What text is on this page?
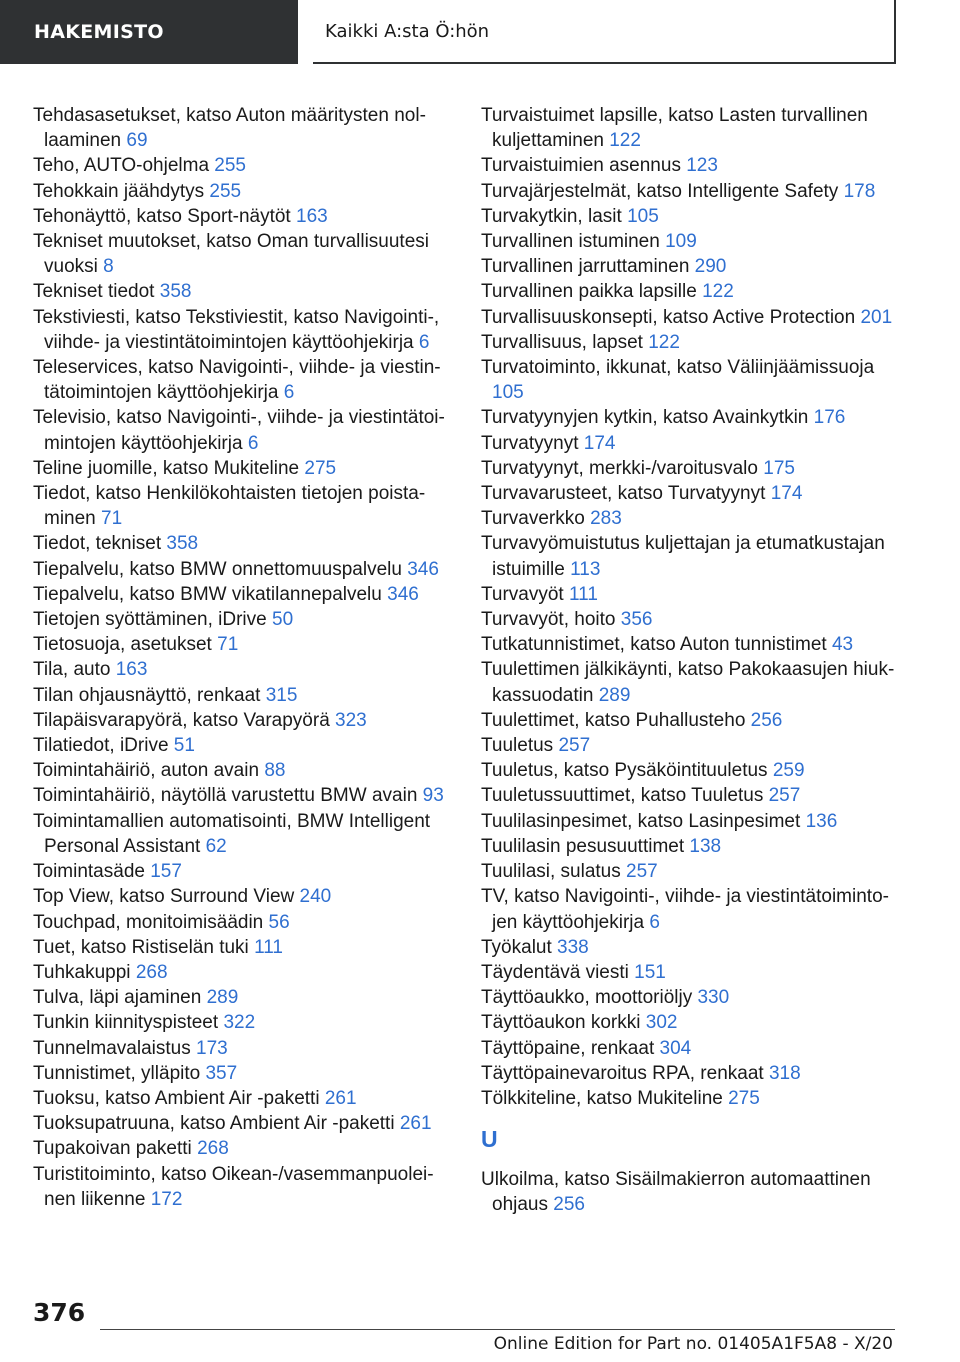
HAKEMISTO	Kaikki A:sta Ö:hön
Tehdasasetukset, katso Auton määritysten nollaaminen 69
Teho, AUTO-ohjelma 255
Tehokkain jäähdytys 255
Tehonäyttö, katso Sport-näytöt 163
Tekniset muutokset, katso Oman turvallisuutesi vuoksi 8
Tekniset tiedot 358
Tekstiviesti, katso Tekstiviestit, katso Navigointi-, viihde- ja viestintätoimintojen käyttöohjekirja 6
Teleservices, katso Navigointi-, viihde- ja viestintätoimintojen käyttöohjekirja 6
Televisio, katso Navigointi-, viihde- ja viestintätoimintojen käyttöohjekirja 6
Teline juomille, katso Mukiteline 275
Tiedot, katso Henkilökohtaisten tietojen poistaminen 71
Tiedot, tekniset 358
Tiepalvelu, katso BMW onnettomuuspalvelu 346
Tiepalvelu, katso BMW vikatilannepalvelu 346
Tietojen syöttäminen, iDrive 50
Tietosuoja, asetukset 71
Tila, auto 163
Tilan ohjausnäyttö, renkaat 315
Tilapäisvarapyörä, katso Varapyörä 323
Tilatiedot, iDrive 51
Toimintahäiriö, auton avain 88
Toimintahäiriö, näytöllä varustettu BMW avain 93
Toimintamallien automatisointi, BMW Intelligent Personal Assistant 62
Toimintasäde 157
Top View, katso Surround View 240
Touchpad, monitoimisäädin 56
Tuet, katso Ristiselän tuki 111
Tuhkakuppi 268
Tulva, läpi ajaminen 289
Tunkin kiinnityspisteet 322
Tunnelmavalaistus 173
Tunnistimet, ylläpito 357
Tuoksu, katso Ambient Air -paketti 261
Tuoksupatruuna, katso Ambient Air -paketti 261
Tupakoivan paketti 268
Turistitoiminto, katso Oikean-/vasemmanpuoleinen liikenne 172
Turvaistuimet lapsille, katso Lasten turvallinen kuljettaminen 122
Turvaistuimien asennus 123
Turvajärjestelmät, katso Intelligente Safety 178
Turvakytkin, lasit 105
Turvallinen istuminen 109
Turvallinen jarruttaminen 290
Turvallinen paikka lapsille 122
Turvallisuuskonsepti, katso Active Protection 201
Turvallisuus, lapset 122
Turvatoiminto, ikkunat, katso Väliinjäämissuoja 105
Turvatyynyjen kytkin, katso Avainkytkin 176
Turvatyynyt 174
Turvatyynyt, merkki-/varoitusvalo 175
Turvavarusteet, katso Turvatyynyt 174
Turvaverkko 283
Turvavyömuistutus kuljettajan ja etumatkustajan istuimille 113
Turvavyöt 111
Turvavyöt, hoito 356
Tutkatunnistimet, katso Auton tunnistimet 43
Tuulettimen jälkikäynti, katso Pakokaasujen hiukkassuodatin 289
Tuulettimet, katso Puhallusteho 256
Tuuletus 257
Tuuletus, katso Pysäköintituuletus 259
Tuuletussuuttimet, katso Tuuletus 257
Tuulilasinpesimet, katso Lasinpesimet 136
Tuulilasin pesusuuttimet 138
Tuulilasi, sulatus 257
TV, katso Navigointi-, viihde- ja viestintätoimintojen käyttöohjekirja 6
Työkalut 338
Täydentävä viesti 151
Täyttöaukko, moottoriöljy 330
Täyttöaukon korkki 302
Täyttöpaine, renkaat 304
Täyttöpainevaroitus RPA, renkaat 318
Tölkkiteline, katso Mukiteline 275
U
Ulkoilma, katso Sisäilmakierron automaattinen ohjaus 256
376
Online Edition for Part no. 01405A1F5A8 - X/20
